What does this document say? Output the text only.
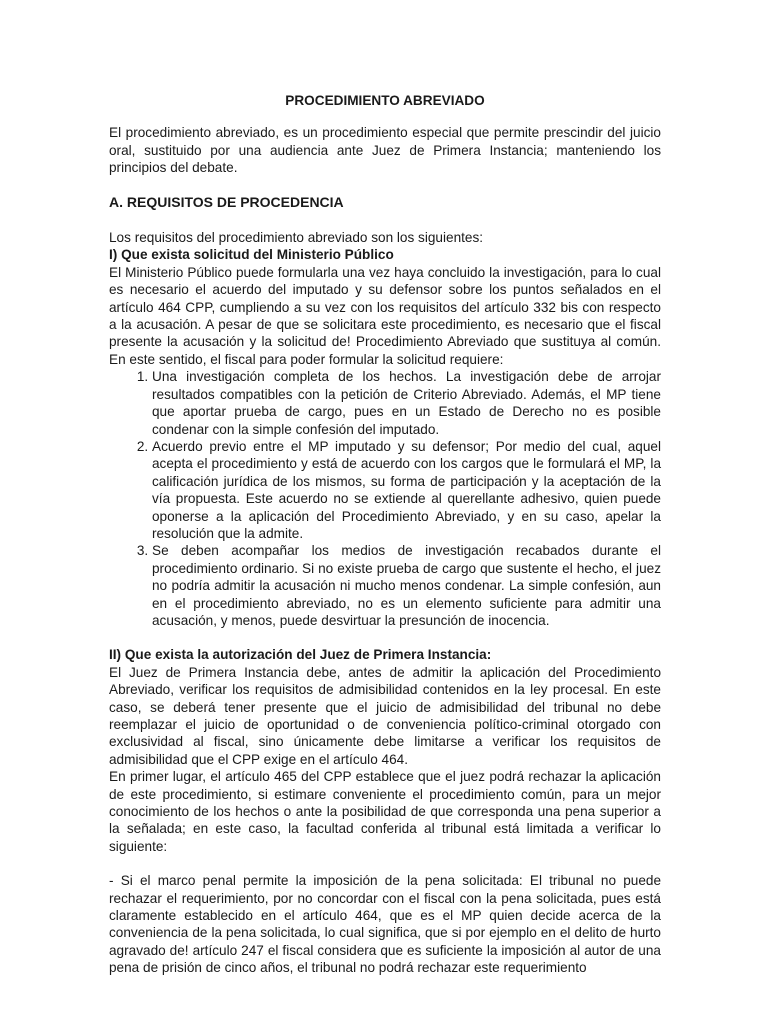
PROCEDIMIENTO ABREVIADO

El procedimiento abreviado, es un procedimiento especial que permite prescindir del juicio oral, sustituido por una audiencia ante Juez de Primera Instancia; manteniendo los principios del debate.

A. REQUISITOS DE PROCEDENCIA

Los requisitos del procedimiento abreviado son los siguientes:

I) Que exista solicitud del Ministerio Público

El Ministerio Público puede formularla una vez haya concluido la investigación, para lo cual es necesario el acuerdo del imputado y su defensor sobre los puntos señalados en el artículo 464 CPP, cumpliendo a su vez con los requisitos del artículo 332 bis con respecto a la acusación. A pesar de que se solicitara este procedimiento, es necesario que el fiscal presente la acusación y la solicitud de! Procedimiento Abreviado que sustituya al común. En este sentido, el fiscal para poder formular la solicitud requiere:

1. Una investigación completa de los hechos. La investigación debe de arrojar resultados compatibles con la petición de Criterio Abreviado. Además, el MP tiene que aportar prueba de cargo, pues en un Estado de Derecho no es posible condenar con la simple confesión del imputado.
2. Acuerdo previo entre el MP imputado y su defensor; Por medio del cual, aquel acepta el procedimiento y está de acuerdo con los cargos que le formulará el MP, la calificación jurídica de los mismos, su forma de participación y la aceptación de la vía propuesta. Este acuerdo no se extiende al querellante adhesivo, quien puede oponerse a la aplicación del Procedimiento Abreviado, y en su caso, apelar la resolución que la admite.
3. Se deben acompañar los medios de investigación recabados durante el procedimiento ordinario. Si no existe prueba de cargo que sustente el hecho, el juez no podría admitir la acusación ni mucho menos condenar. La simple confesión, aun en el procedimiento abreviado, no es un elemento suficiente para admitir una acusación, y menos, puede desvirtuar la presunción de inocencia.
II) Que exista la autorización del Juez de Primera Instancia:

El Juez de Primera Instancia debe, antes de admitir la aplicación del Procedimiento Abreviado, verificar los requisitos de admisibilidad contenidos en la ley procesal. En este caso, se deberá tener presente que el juicio de admisibilidad del tribunal no debe reemplazar el juicio de oportunidad o de conveniencia político-criminal otorgado con exclusividad al fiscal, sino únicamente debe limitarse a verificar los requisitos de admisibilidad que el CPP exige en el artículo 464.

En primer lugar, el artículo 465 del CPP establece que el juez podrá rechazar la aplicación de este procedimiento, si estimare conveniente el procedimiento común, para un mejor conocimiento de los hechos o ante la posibilidad de que corresponda una pena superior a la señalada; en este caso, la facultad conferida al tribunal está limitada a verificar lo siguiente:

- Si el marco penal permite la imposición de la pena solicitada: El tribunal no puede rechazar el requerimiento, por no concordar con el fiscal con la pena solicitada, pues está claramente establecido en el artículo 464, que es el MP quien decide acerca de la conveniencia de la pena solicitada, lo cual significa, que si por ejemplo en el delito de hurto agravado de! artículo 247 el fiscal considera que es suficiente la imposición al autor de una pena de prisión de cinco años, el tribunal no podrá rechazar este requerimiento
